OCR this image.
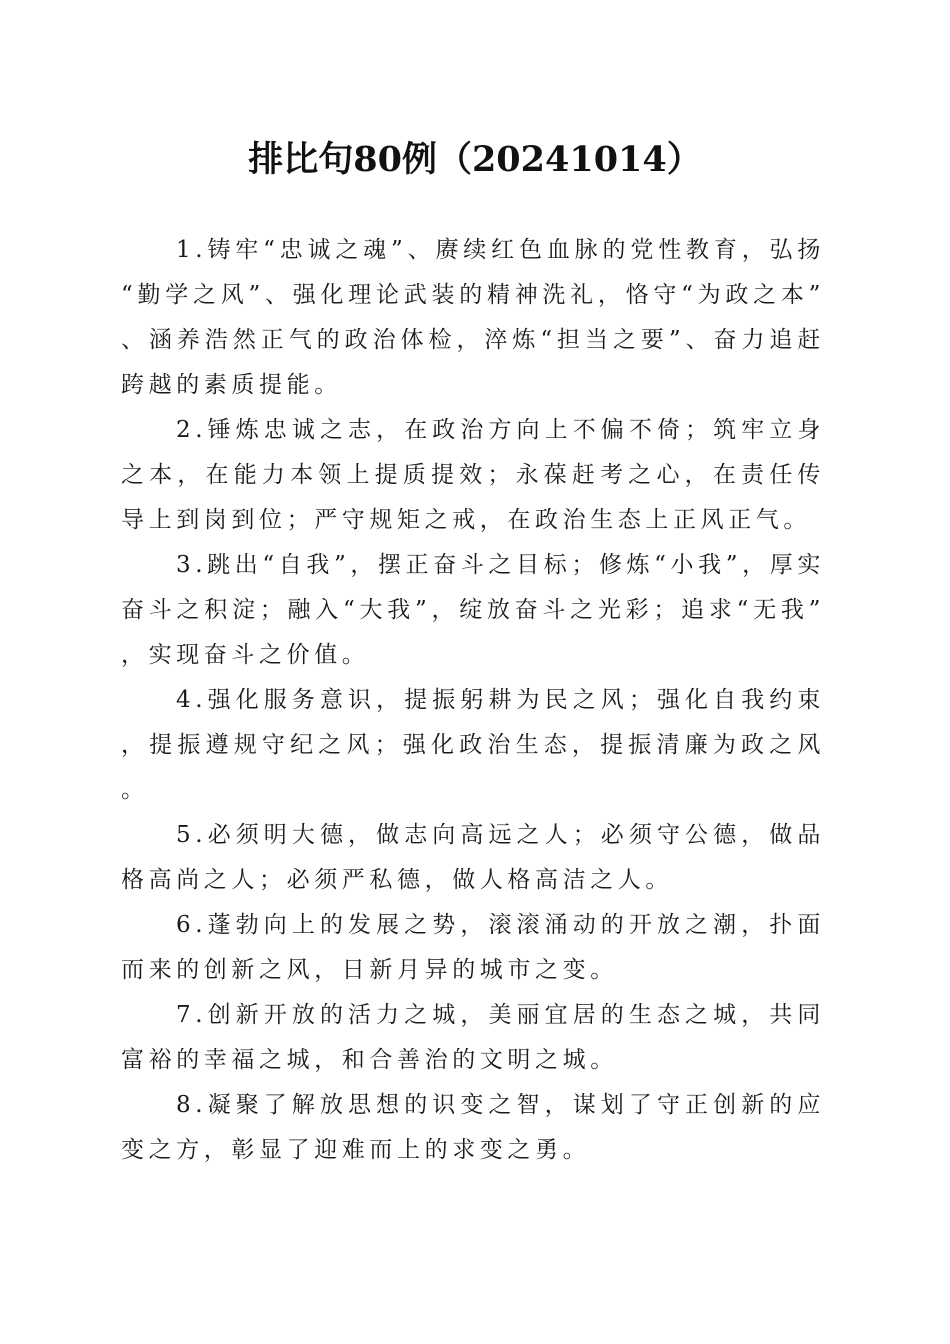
排比句80例（20241014）

1.铸牢“忠诚之魂”、赓续红色血脉的党性教育，弘扬“勤学之风”、强化理论武装的精神洗礼，恪守“为政之本”、涵养浩然正气的政治体检，淬炼“担当之要”、奋力追赶跨越的素质提能。

2.锤炼忠诚之志，在政治方向上不偏不倚；筑牢立身之本，在能力本领上提质提效；永葆赶考之心，在责任传导上到岗到位；严守规矩之戒，在政治生态上正风正气。

3.跳出“自我”，摆正奋斗之目标；修炼“小我”，厚实奋斗之积淀；融入“大我”，绽放奋斗之光彩；追求“无我”，实现奋斗之价值。

4.强化服务意识，提振躬耕为民之风；强化自我约束，提振遵规守纪之风；强化政治生态，提振清廉为政之风。

5.必须明大德，做志向高远之人；必须守公德，做品格高尚之人；必须严私德，做人格高洁之人。

6.蓬勃向上的发展之势，滚滚涌动的开放之潮，扑面而来的创新之风，日新月异的城市之变。

7.创新开放的活力之城，美丽宜居的生态之城，共同富裕的幸福之城，和合善治的文明之城。

8.凝聚了解放思想的识变之智，谋划了守正创新的应变之方，彰显了迎难而上的求变之勇。
